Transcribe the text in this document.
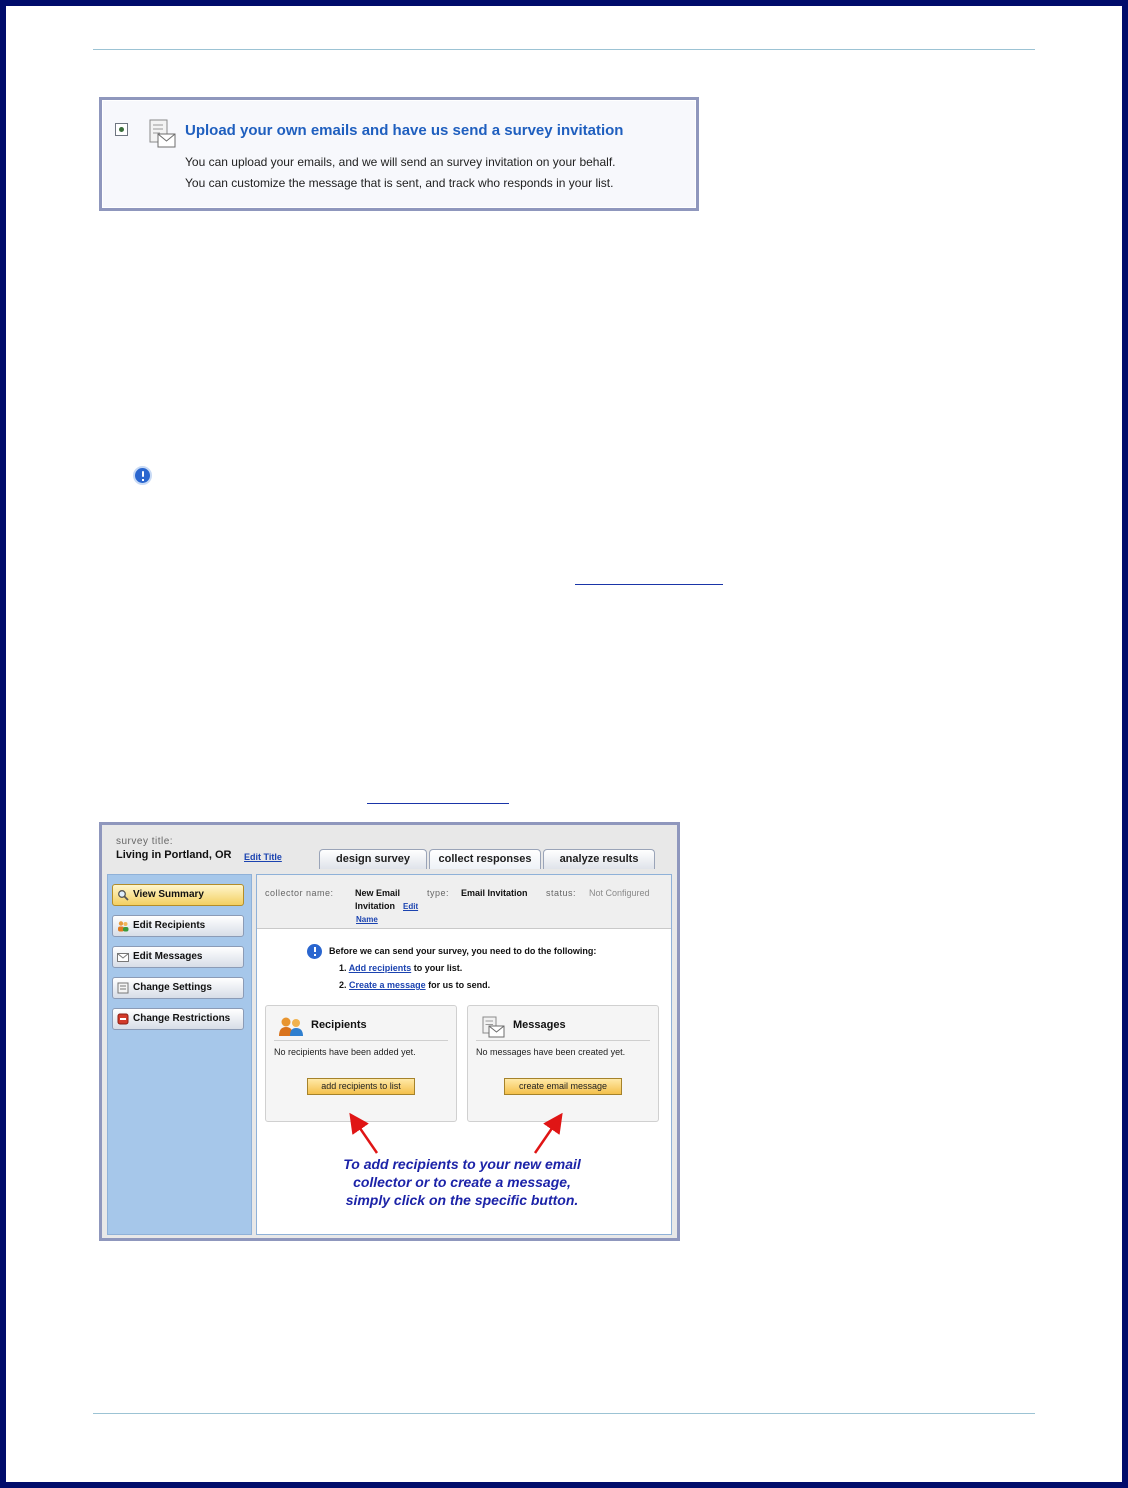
Upload your own emails and have us send a survey invitation
You can upload your emails, and we will send an survey invitation on your behalf.
You can customize the message that is sent, and track who responds in your list.
survey title:
Living in Portland, OR Edit Title	design survey	collect responses	analyze results
View Summary
Edit Recipients
Edit Messages
Change Settings
Change Restrictions
collector name: New Email
Invitation	Edit
Name
type: Email Invitation status: Not Configured
Before we can send your survey, you need to do the following:
1. Add recipients to your list.
2. Create a message for us to send.
Recipients
No recipients have been added yet.
add recipients to list
Messages
No messages have been created yet.
create email message
To add recipients to your new email
collector or to create a message,
simply click on the specific button.
